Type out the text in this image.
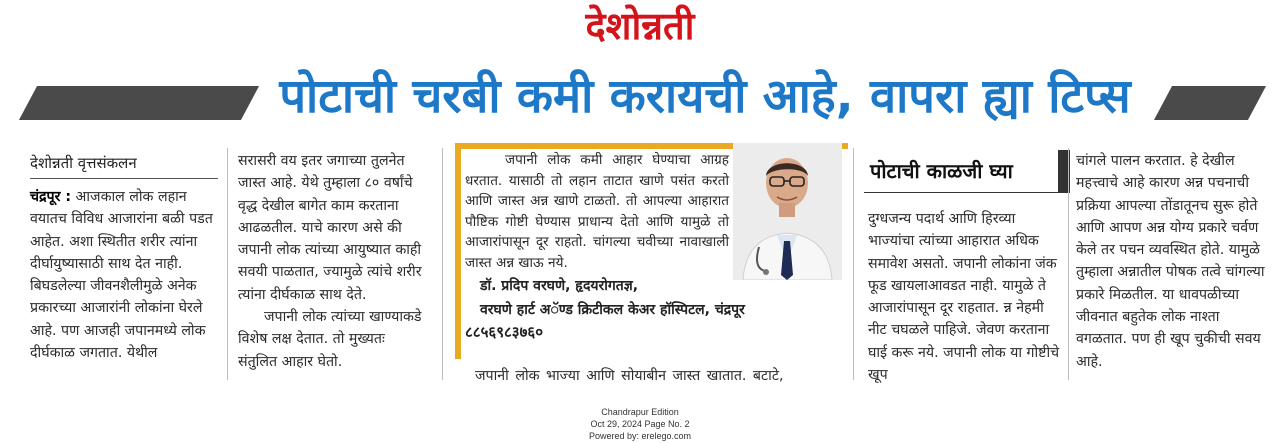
देशोन्नती
पोटाची चरबी कमी करायची आहे, वापरा ह्या टिप्स

देशोन्नती वृत्तसंकलन

चंद्रपूर : आजकाल लोक लहान वयातच विविध आजारांना बळी पडत आहेत. अशा स्थितीत शरीर त्यांना दीर्घायुष्यासाठी साथ देत नाही. बिघडलेल्या जीवनशैलीमुळे अनेक प्रकारच्या आजारांनी लोकांना घेरले आहे. पण आजही जपानमध्ये लोक दीर्घकाळ जगतात. येथील

सरासरी वय इतर जगाच्या तुलनेत जास्त आहे. येथे तुम्हाला ८० वर्षांचे वृद्ध देखील बागेत काम करताना आढळतील. याचे कारण असे की जपानी लोक त्यांच्या आयुष्यात काही सवयी पाळतात, ज्यामुळे त्यांचे शरीर त्यांना दीर्घकाळ साथ देते.

जपानी लोक त्यांच्या खाण्याकडे विशेष लक्ष देतात. तो मुख्यतः संतुलित आहार घेतो.

जपानी लोक कमी आहार घेण्याचा आग्रह धरतात. यासाठी तो लहान ताटात खाणे पसंत करतो आणि जास्त अन्न खाणे टाळतो. तो आपल्या आहारात पौष्टिक गोष्टी घेण्यास प्राधान्य देतो आणि यामुळे तो आजारांपासून दूर राहतो. चांगल्या चवीच्या नावाखाली जास्त अन्न खाऊ नये.
डॉ. प्रदिप वरघणे, हृदयरोगतज्ञ,
वरघणे हार्ट अॅण्ड क्रिटीकल केअर हॉस्पिटल, चंद्रपूर
८८५६९८३७६०
जपानी लोक भाज्या आणि सोयाबीन जास्त खातात. बटाटे,
पोटाची काळजी घ्या

दुग्धजन्य पदार्थ आणि हिरव्या भाज्यांचा त्यांच्या आहारात अधिक समावेश असतो. जपानी लोकांना जंक फूड खायलाआवडत नाही. यामुळे ते आजारांपासून दूर राहतात. न्न नेहमी नीट चघळले पाहिजे. जेवण करताना घाई करू नये. जपानी लोक या गोष्टीचे खूप

चांगले पालन करतात. हे देखील महत्त्वाचे आहे कारण अन्न पचनाची प्रक्रिया आपल्या तोंडातूनच सुरू होते आणि आपण अन्न योग्य प्रकारे चर्वण केले तर पचन व्यवस्थित होते. यामुळे तुम्हाला अन्नातील पोषक तत्वे चांगल्या प्रकारे मिळतील. या धावपळीच्या जीवनात बहुतेक लोक नाश्ता वगळतात. पण ही खूप चुकीची सवय आहे.

Chandrapur Edition
Oct 29, 2024 Page No. 2
Powered by: erelego.com
